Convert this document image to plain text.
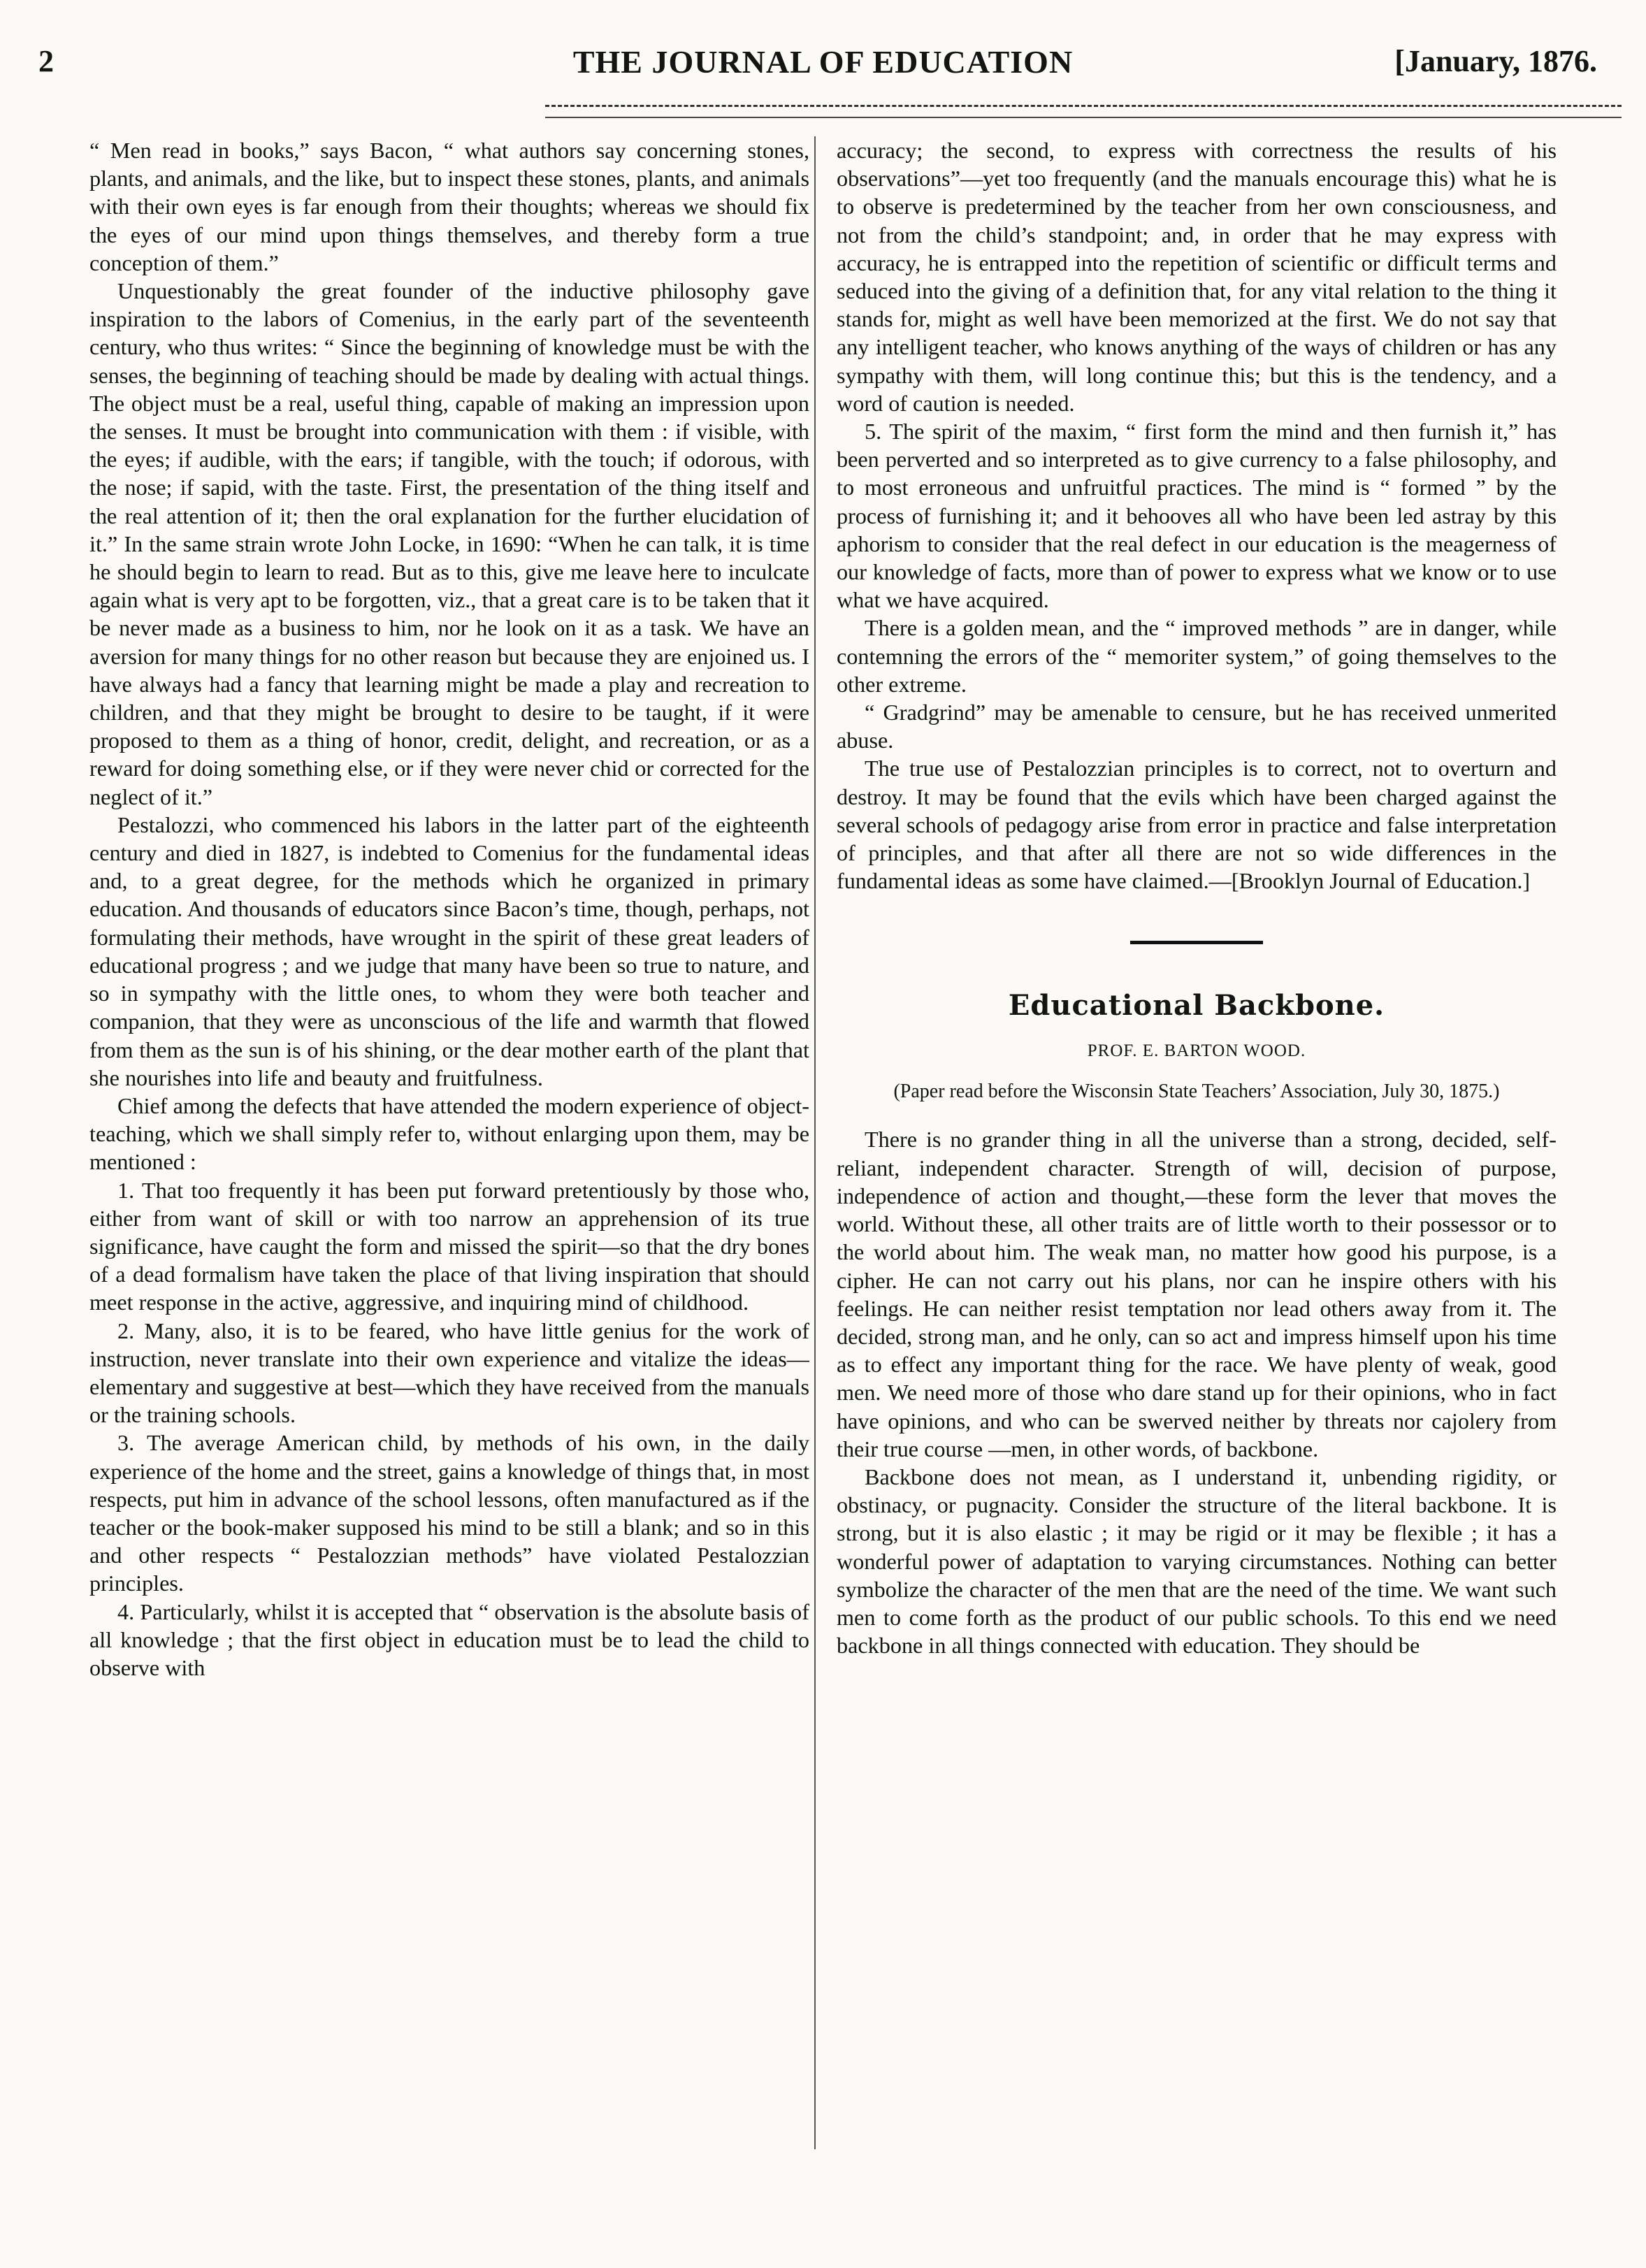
2	THE JOURNAL OF EDUCATION	[January, 1876.

“ Men read in books,” says Bacon, “ what authors say concerning stones, plants, and animals, and the like, but to inspect these stones, plants, and animals with their own eyes is far enough from their thoughts; whereas we should fix the eyes of our mind upon things themselves, and thereby form a true conception of them.”

Unquestionably the great founder of the inductive philosophy gave inspiration to the labors of Comenius, in the early part of the seventeenth century, who thus writes: “ Since the beginning of knowledge must be with the senses, the beginning of teaching should be made by dealing with actual things. The object must be a real, useful thing, capable of making an impression upon the senses. It must be brought into communication with them : if visible, with the eyes; if audible, with the ears; if tangible, with the touch; if odorous, with the nose; if sapid, with the taste. First, the presentation of the thing itself and the real attention of it; then the oral explanation for the further elucidation of it.” In the same strain wrote John Locke, in 1690: “When he can talk, it is time he should begin to learn to read. But as to this, give me leave here to inculcate again what is very apt to be forgotten, viz., that a great care is to be taken that it be never made as a business to him, nor he look on it as a task. We have an aversion for many things for no other reason but because they are enjoined us. I have always had a fancy that learning might be made a play and recreation to children, and that they might be brought to desire to be taught, if it were proposed to them as a thing of honor, credit, delight, and recreation, or as a reward for doing something else, or if they were never chid or corrected for the neglect of it.”

Pestalozzi, who commenced his labors in the latter part of the eighteenth century and died in 1827, is indebted to Comenius for the fundamental ideas and, to a great degree, for the methods which he organized in primary education. And thousands of educators since Bacon’s time, though, perhaps, not formulating their methods, have wrought in the spirit of these great leaders of educational progress ; and we judge that many have been so true to nature, and so in sympathy with the little ones, to whom they were both teacher and companion, that they were as unconscious of the life and warmth that flowed from them as the sun is of his shining, or the dear mother earth of the plant that she nourishes into life and beauty and fruitfulness.

Chief among the defects that have attended the modern experience of object-teaching, which we shall simply refer to, without enlarging upon them, may be mentioned :

1. That too frequently it has been put forward pretentiously by those who, either from want of skill or with too narrow an apprehension of its true significance, have caught the form and missed the spirit—so that the dry bones of a dead formalism have taken the place of that living inspiration that should meet response in the active, aggressive, and inquiring mind of childhood.

2. Many, also, it is to be feared, who have little genius for the work of instruction, never translate into their own experience and vitalize the ideas—elementary and suggestive at best—which they have received from the manuals or the training schools.

3. The average American child, by methods of his own, in the daily experience of the home and the street, gains a knowledge of things that, in most respects, put him in advance of the school lessons, often manufactured as if the teacher or the book-maker supposed his mind to be still a blank; and so in this and other respects “ Pestalozzian methods” have violated Pestalozzian principles.

4. Particularly, whilst it is accepted that “ observation is the absolute basis of all knowledge ; that the first object in education must be to lead the child to observe with

accuracy; the second, to express with correctness the results of his observations”—yet too frequently (and the manuals encourage this) what he is to observe is predetermined by the teacher from her own consciousness, and not from the child’s standpoint; and, in order that he may express with accuracy, he is entrapped into the repetition of scientific or difficult terms and seduced into the giving of a definition that, for any vital relation to the thing it stands for, might as well have been memorized at the first. We do not say that any intelligent teacher, who knows anything of the ways of children or has any sympathy with them, will long continue this; but this is the tendency, and a word of caution is needed.

5. The spirit of the maxim, “ first form the mind and then furnish it,” has been perverted and so interpreted as to give currency to a false philosophy, and to most erroneous and unfruitful practices. The mind is “ formed ” by the process of furnishing it; and it behooves all who have been led astray by this aphorism to consider that the real defect in our education is the meagerness of our knowledge of facts, more than of power to express what we know or to use what we have acquired.

There is a golden mean, and the “ improved methods ” are in danger, while contemning the errors of the “ memoriter system,” of going themselves to the other extreme.

“ Gradgrind” may be amenable to censure, but he has received unmerited abuse.

The true use of Pestalozzian principles is to correct, not to overturn and destroy. It may be found that the evils which have been charged against the several schools of pedagogy arise from error in practice and false interpretation of principles, and that after all there are not so wide differences in the fundamental ideas as some have claimed.—[Brooklyn Journal of Education.]

Educational Backbone.
PROF. E. BARTON WOOD.
(Paper read before the Wisconsin State Teachers’ Association, July 30, 1875.)

There is no grander thing in all the universe than a strong, decided, self-reliant, independent character. Strength of will, decision of purpose, independence of action and thought,—these form the lever that moves the world. Without these, all other traits are of little worth to their possessor or to the world about him. The weak man, no matter how good his purpose, is a cipher. He can not carry out his plans, nor can he inspire others with his feelings. He can neither resist temptation nor lead others away from it. The decided, strong man, and he only, can so act and impress himself upon his time as to effect any important thing for the race. We have plenty of weak, good men. We need more of those who dare stand up for their opinions, who in fact have opinions, and who can be swerved neither by threats nor cajolery from their true course —men, in other words, of backbone.

Backbone does not mean, as I understand it, unbending rigidity, or obstinacy, or pugnacity. Consider the structure of the literal backbone. It is strong, but it is also elastic ; it may be rigid or it may be flexible ; it has a wonderful power of adaptation to varying circumstances. Nothing can better symbolize the character of the men that are the need of the time. We want such men to come forth as the product of our public schools. To this end we need backbone in all things connected with education. They should be
